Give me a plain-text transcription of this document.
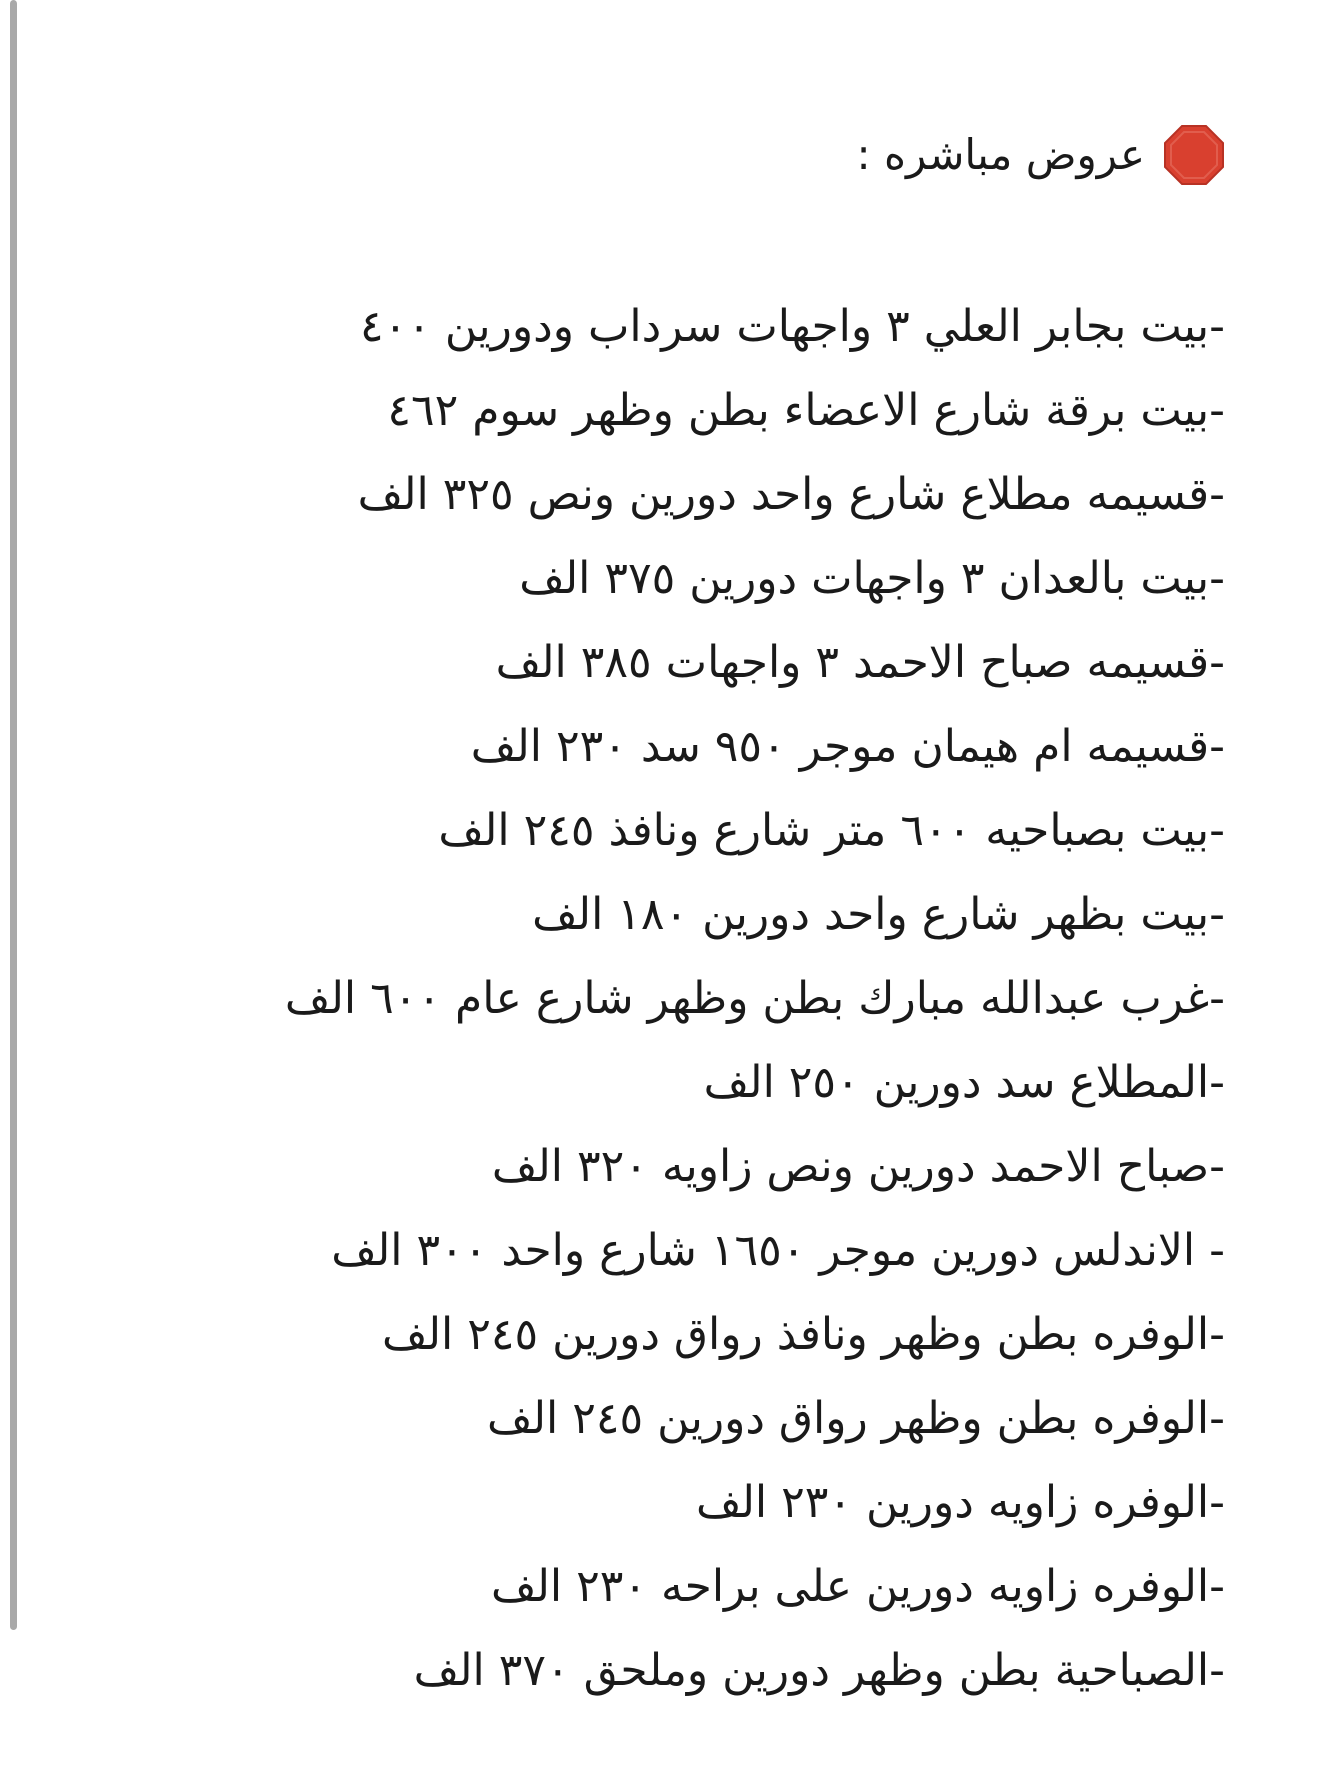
عروض مباشره :
-بيت بجابر العلي ٣ واجهات سرداب ودورين ٤٠٠
-بيت برقة شارع الاعضاء بطن وظهر سوم ٤٦٢
-قسيمه مطلاع شارع واحد دورين ونص ٣٢٥ الف
-بيت بالعدان ٣ واجهات دورين ٣٧٥ الف
-قسيمه صباح الاحمد ٣ واجهات ٣٨٥ الف
-قسيمه ام هيمان موجر ٩٥٠ سد ٢٣٠ الف
-بيت بصباحيه ٦٠٠ متر شارع ونافذ ٢٤٥ الف
-بيت بظهر شارع واحد دورين ١٨٠ الف
-غرب عبدالله مبارك بطن وظهر شارع عام ٦٠٠ الف
-المطلاع سد دورين ٢٥٠ الف
-صباح الاحمد دورين ونص زاويه ٣٢٠ الف
- الاندلس دورين موجر ١٦٥٠ شارع واحد ٣٠٠ الف
-الوفره بطن وظهر ونافذ رواق دورين ٢٤٥ الف
-الوفره بطن وظهر رواق دورين ٢٤٥ الف
-الوفره زاويه دورين ٢٣٠ الف
-الوفره زاويه دورين على براحه ٢٣٠ الف
-الصباحية بطن وظهر دورين وملحق ٣٧٠ الف
